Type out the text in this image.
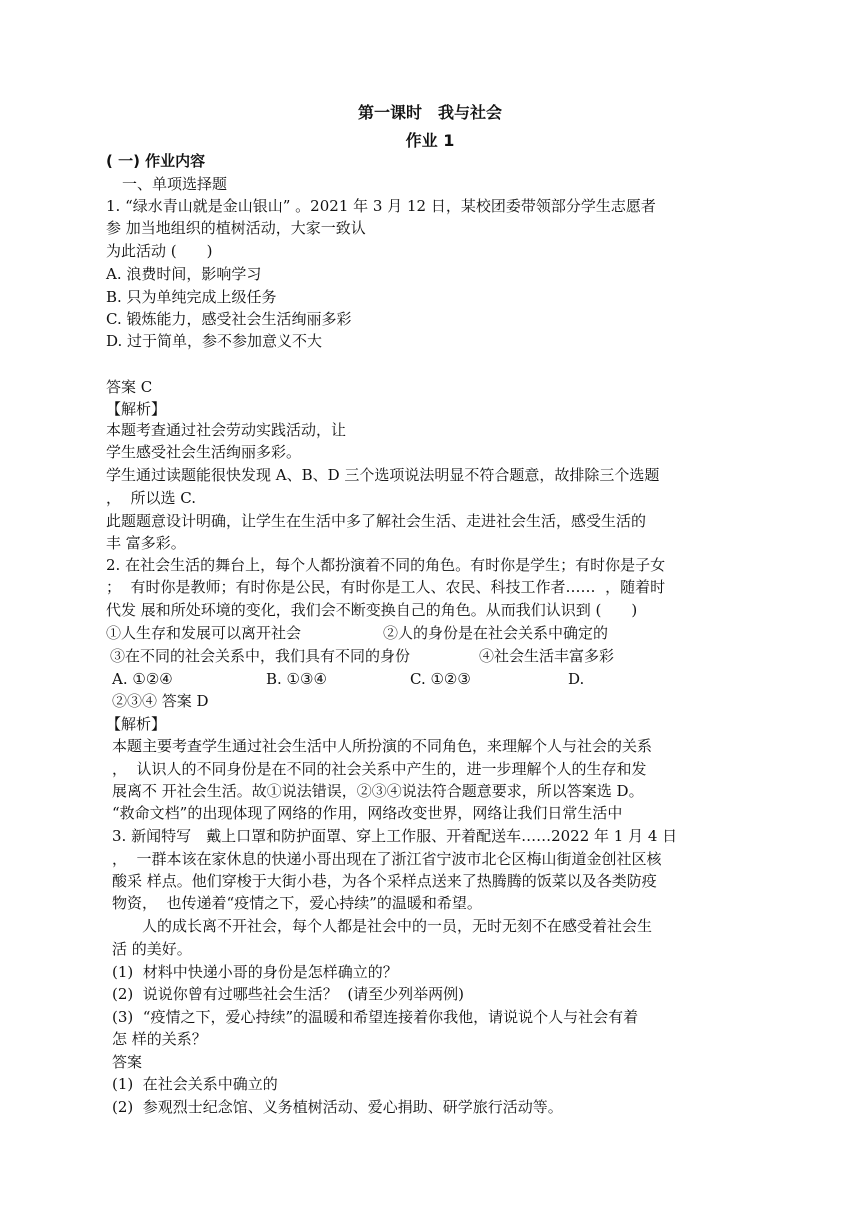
第一课时　我与社会
作业 1
( 一) 作业内容
一、单项选择题
1. “绿水青山就是金山银山” 。2021 年 3 月 12 日，某校团委带领部分学生志愿者
参 加当地组织的植树活动，大家一致认
为此活动 (　　)
A. 浪费时间，影响学习
B. 只为单纯完成上级任务
C. 锻炼能力，感受社会生活绚丽多彩
D. 过于简单，参不参加意义不大
答案 C
【解析】
本题考查通过社会劳动实践活动，让
学生感受社会生活绚丽多彩。
学生通过读题能很快发现 A、B、D 三个选项说法明显不符合题意，故排除三个选题
，  所以选 C.
此题题意设计明确，让学生在生活中多了解社会生活、走进社会生活，感受生活的
丰 富多彩。
2. 在社会生活的舞台上，每个人都扮演着不同的角色。有时你是学生；有时你是子女
；  有时你是教师；有时你是公民，有时你是工人、农民、科技工作者……  ，随着时
代发 展和所处环境的变化，我们会不断变换自己的角色。从而我们认识到 (　　)
①人生存和发展可以离开社会	②人的身份是在社会关系中确定的
③在不同的社会关系中，我们具有不同的身份	④社会生活丰富多彩
A. ①②④	B. ①③④	C. ①②③	D.
②③④ 答案 D
【解析】
本题主要考查学生通过社会生活中人所扮演的不同角色，来理解个人与社会的关系
，  认识人的不同身份是在不同的社会关系中产生的，进一步理解个人的生存和发
展离不 开社会生活。故①说法错误，②③④说法符合题意要求，所以答案选 D。
“救命文档”的出现体现了网络的作用，网络改变世界，网络让我们日常生活中
3. 新闻特写　戴上口罩和防护面罩、穿上工作服、开着配送车……2022 年 1 月 4 日
，  一群本该在家休息的快递小哥出现在了浙江省宁波市北仑区梅山街道金创社区核
酸采 样点。他们穿梭于大街小巷，为各个采样点送来了热腾腾的饭菜以及各类防疫
物资，  也传递着“疫情之下，爱心持续”的温暖和希望。
　　人的成长离不开社会，每个人都是社会中的一员，无时无刻不在感受着社会生
活 的美好。
(1)  材料中快递小哥的身份是怎样确立的？
(2)  说说你曾有过哪些社会生活？  (请至少列举两例)
(3)  “疫情之下，爱心持续”的温暖和希望连接着你我他，请说说个人与社会有着
怎 样的关系？
答案
(1)  在社会关系中确立的
(2)  参观烈士纪念馆、义务植树活动、爱心捐助、研学旅行活动等。
